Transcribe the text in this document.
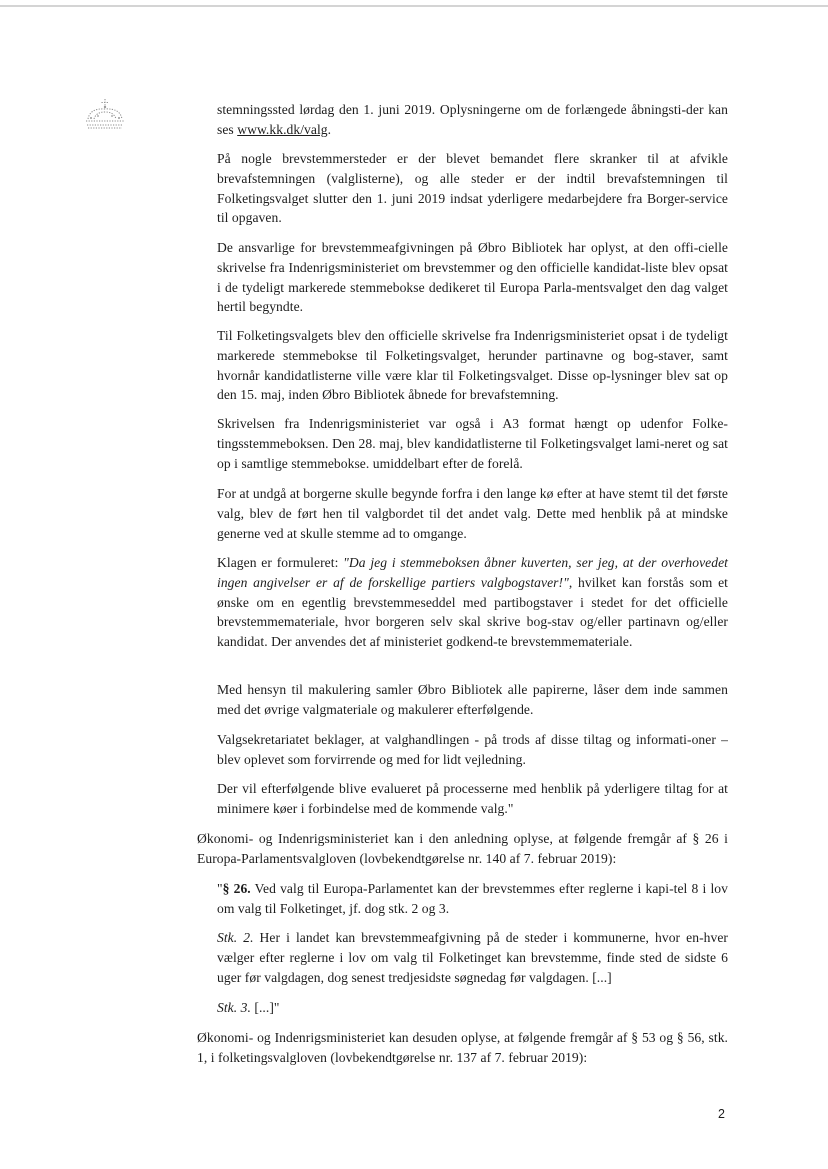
stemningssted lørdag den 1. juni 2019. Oplysningerne om de forlængede åbningsti-der kan ses www.kk.dk/valg.

På nogle brevstemmersteder er der blevet bemandet flere skranker til at afvikle brevafstemningen (valglisterne), og alle steder er der indtil brevafstemningen til Folketingsvalget slutter den 1. juni 2019 indsat yderligere medarbejdere fra Borger-service til opgaven.

De ansvarlige for brevstemmeafgivningen på Øbro Bibliotek har oplyst, at den offi-cielle skrivelse fra Indenrigsministeriet om brevstemmer og den officielle kandidat-liste blev opsat i de tydeligt markerede stemmebokse dedikeret til Europa Parla-mentsvalget den dag valget hertil begyndte.

Til Folketingsvalgets blev den officielle skrivelse fra Indenrigsministeriet opsat i de tydeligt markerede stemmebokse til Folketingsvalget, herunder partinavne og bog-staver, samt hvornår kandidatlisterne ville være klar til Folketingsvalget. Disse op-lysninger blev sat op den 15. maj, inden Øbro Bibliotek åbnede for brevafstemning.

Skrivelsen fra Indenrigsministeriet var også i A3 format hængt op udenfor Folke-tingsstemmeboksen. Den 28. maj, blev kandidatlisterne til Folketingsvalget lami-neret og sat op i samtlige stemmebokse. umiddelbart efter de forelå.

For at undgå at borgerne skulle begynde forfra i den lange kø efter at have stemt til det første valg, blev de ført hen til valgbordet til det andet valg. Dette med henblik på at mindske generne ved at skulle stemme ad to omgange.

Klagen er formuleret: "Da jeg i stemmeboksen åbner kuverten, ser jeg, at der overhovedet ingen angivelser er af de forskellige partiers valgbogstaver!", hvilket kan forstås som et ønske om en egentlig brevstemmeseddel med partibogstaver i stedet for det officielle brevstemmemateriale, hvor borgeren selv skal skrive bog-stav og/eller partinavn og/eller kandidat. Der anvendes det af ministeriet godkend-te brevstemmemateriale.

Med hensyn til makulering samler Øbro Bibliotek alle papirerne, låser dem inde sammen med det øvrige valgmateriale og makulerer efterfølgende.

Valgsekretariatet beklager, at valghandlingen - på trods af disse tiltag og informati-oner – blev oplevet som forvirrende og med for lidt vejledning.

Der vil efterfølgende blive evalueret på processerne med henblik på yderligere tiltag for at minimere køer i forbindelse med de kommende valg."

Økonomi- og Indenrigsministeriet kan i den anledning oplyse, at følgende fremgår af § 26 i Europa-Parlamentsvalgloven (lovbekendtgørelse nr. 140 af 7. februar 2019):

"§ 26. Ved valg til Europa-Parlamentet kan der brevstemmes efter reglerne i kapi-tel 8 i lov om valg til Folketinget, jf. dog stk. 2 og 3.

Stk. 2. Her i landet kan brevstemmeafgivning på de steder i kommunerne, hvor en-hver vælger efter reglerne i lov om valg til Folketinget kan brevstemme, finde sted de sidste 6 uger før valgdagen, dog senest tredjesidste søgnedag før valgdagen. [...]

Stk. 3. [...]"

Økonomi- og Indenrigsministeriet kan desuden oplyse, at følgende fremgår af § 53 og § 56, stk. 1, i folketingsvalgloven (lovbekendtgørelse nr. 137 af 7. februar 2019):

2
